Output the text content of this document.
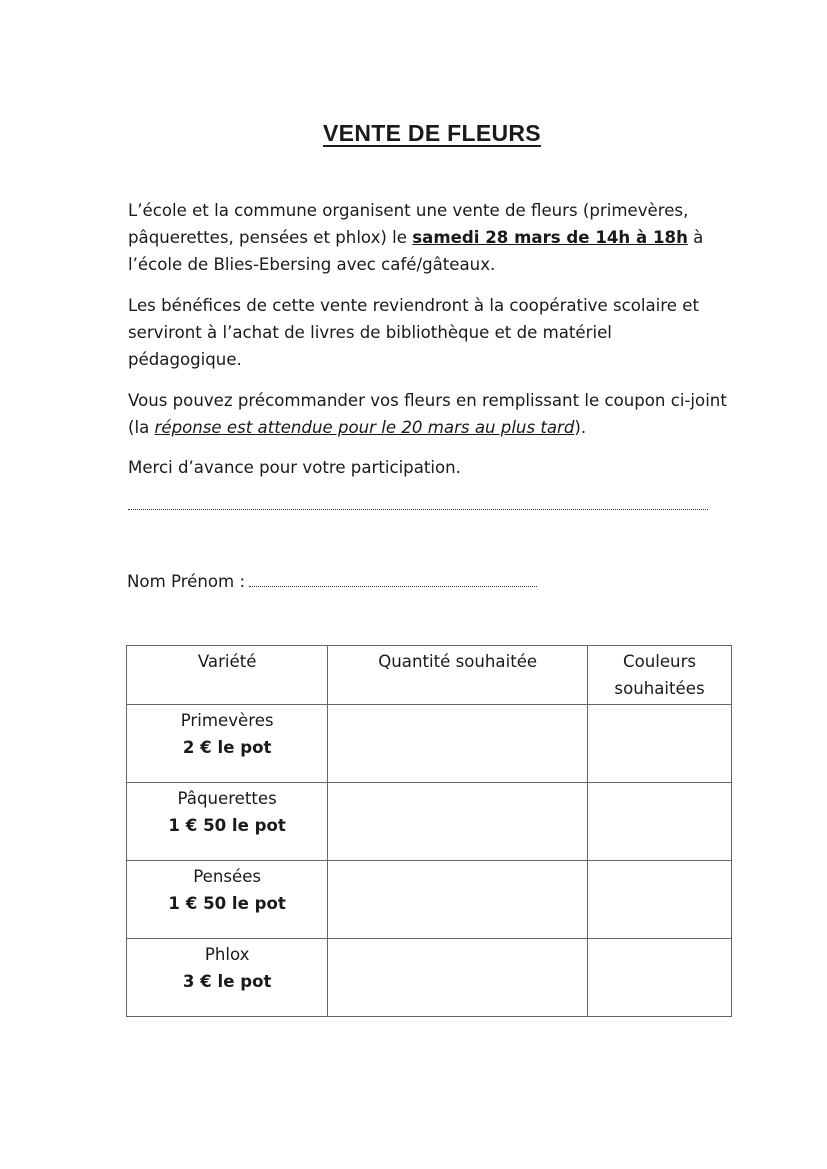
VENTE DE FLEURS

L’école et la commune organisent une vente de fleurs (primevères, pâquerettes, pensées et phlox) le samedi 28 mars de 14h à 18h à l’école de Blies-Ebersing avec café/gâteaux.

Les bénéfices de cette vente reviendront à la coopérative scolaire et serviront à l’achat de livres de bibliothèque et de matériel pédagogique.

Vous pouvez précommander vos fleurs en remplissant le coupon ci-joint (la réponse est attendue pour le 20 mars au plus tard).

Merci d’avance pour votre participation.

Nom Prénom :
Variété	Quantité souhaitée	Couleurs souhaitées

Primevères
2 € le pot		

Pâquerettes
1 € 50 le pot		

Pensées
1 € 50 le pot		

Phlox
3 € le pot		
